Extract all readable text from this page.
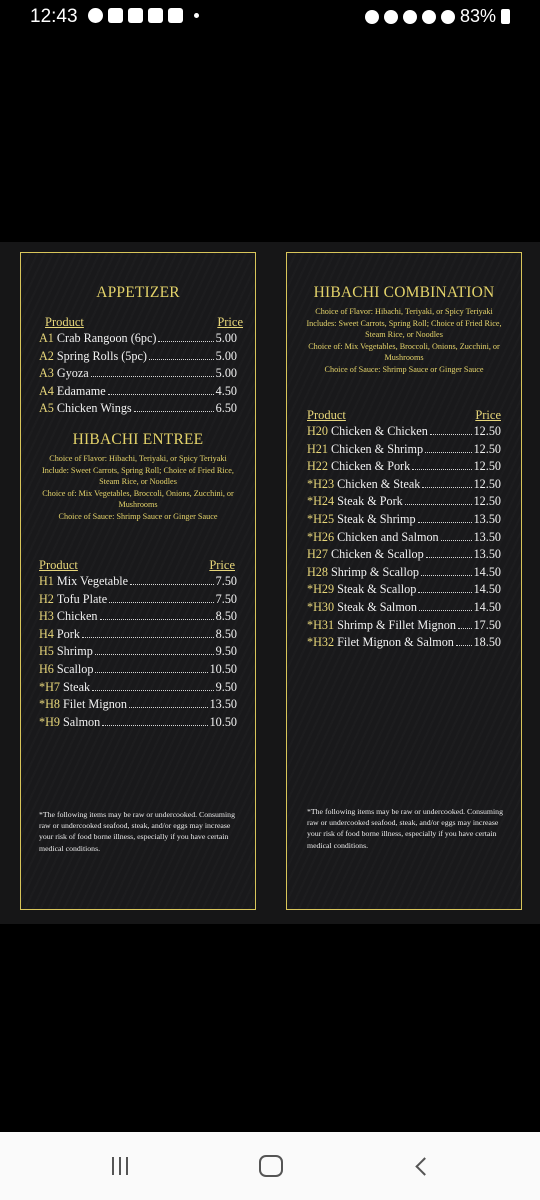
12:43	83%
APPETIZER
Product	Price
A1 Crab Rangoon (6pc)	5.00
A2 Spring Rolls (5pc)	5.00
A3 Gyoza	5.00
A4 Edamame	4.50
A5 Chicken Wings	6.50
HIBACHI ENTREE
Choice of Flavor: Hibachi, Teriyaki, or Spicy Teriyaki
Include: Sweet Carrots, Spring Roll; Choice of Fried Rice, Steam Rice, or Noodles
Choice of: Mix Vegetables, Broccoli, Onions, Zucchini, or Mushrooms
Choice of Sauce: Shrimp Sauce or Ginger Sauce
Product	Price
H1 Mix Vegetable	7.50
H2 Tofu Plate	7.50
H3 Chicken	8.50
H4 Pork	8.50
H5 Shrimp	9.50
H6 Scallop	10.50
*H7 Steak	9.50
*H8 Filet Mignon	13.50
*H9 Salmon	10.50
*The following items may be raw or undercooked. Consuming raw or undercooked seafood, steak, and/or eggs may increase your risk of food borne illness, especially if you have certain medical conditions.
HIBACHI COMBINATION
Choice of Flavor: Hibachi, Teriyaki, or Spicy Teriyaki
Includes: Sweet Carrots, Spring Roll; Choice of Fried Rice, Steam Rice, or Noodles
Choice of: Mix Vegetables, Broccoli, Onions, Zucchini, or Mushrooms
Choice of Sauce: Shrimp Sauce or Ginger Sauce
Product	Price
H20 Chicken & Chicken	12.50
H21 Chicken & Shrimp	12.50
H22 Chicken & Pork	12.50
*H23 Chicken & Steak	12.50
*H24 Steak & Pork	12.50
*H25 Steak & Shrimp	13.50
*H26 Chicken and Salmon	13.50
H27 Chicken & Scallop	13.50
H28 Shrimp & Scallop	14.50
*H29 Steak & Scallop	14.50
*H30 Steak & Salmon	14.50
*H31 Shrimp & Fillet Mignon 17.50
*H32 Filet Mignon & Salmon 18.50
*The following items may be raw or undercooked. Consuming raw or undercooked seafood, steak, and/or eggs may increase your risk of food borne illness, especially if you have certain medical conditions.
